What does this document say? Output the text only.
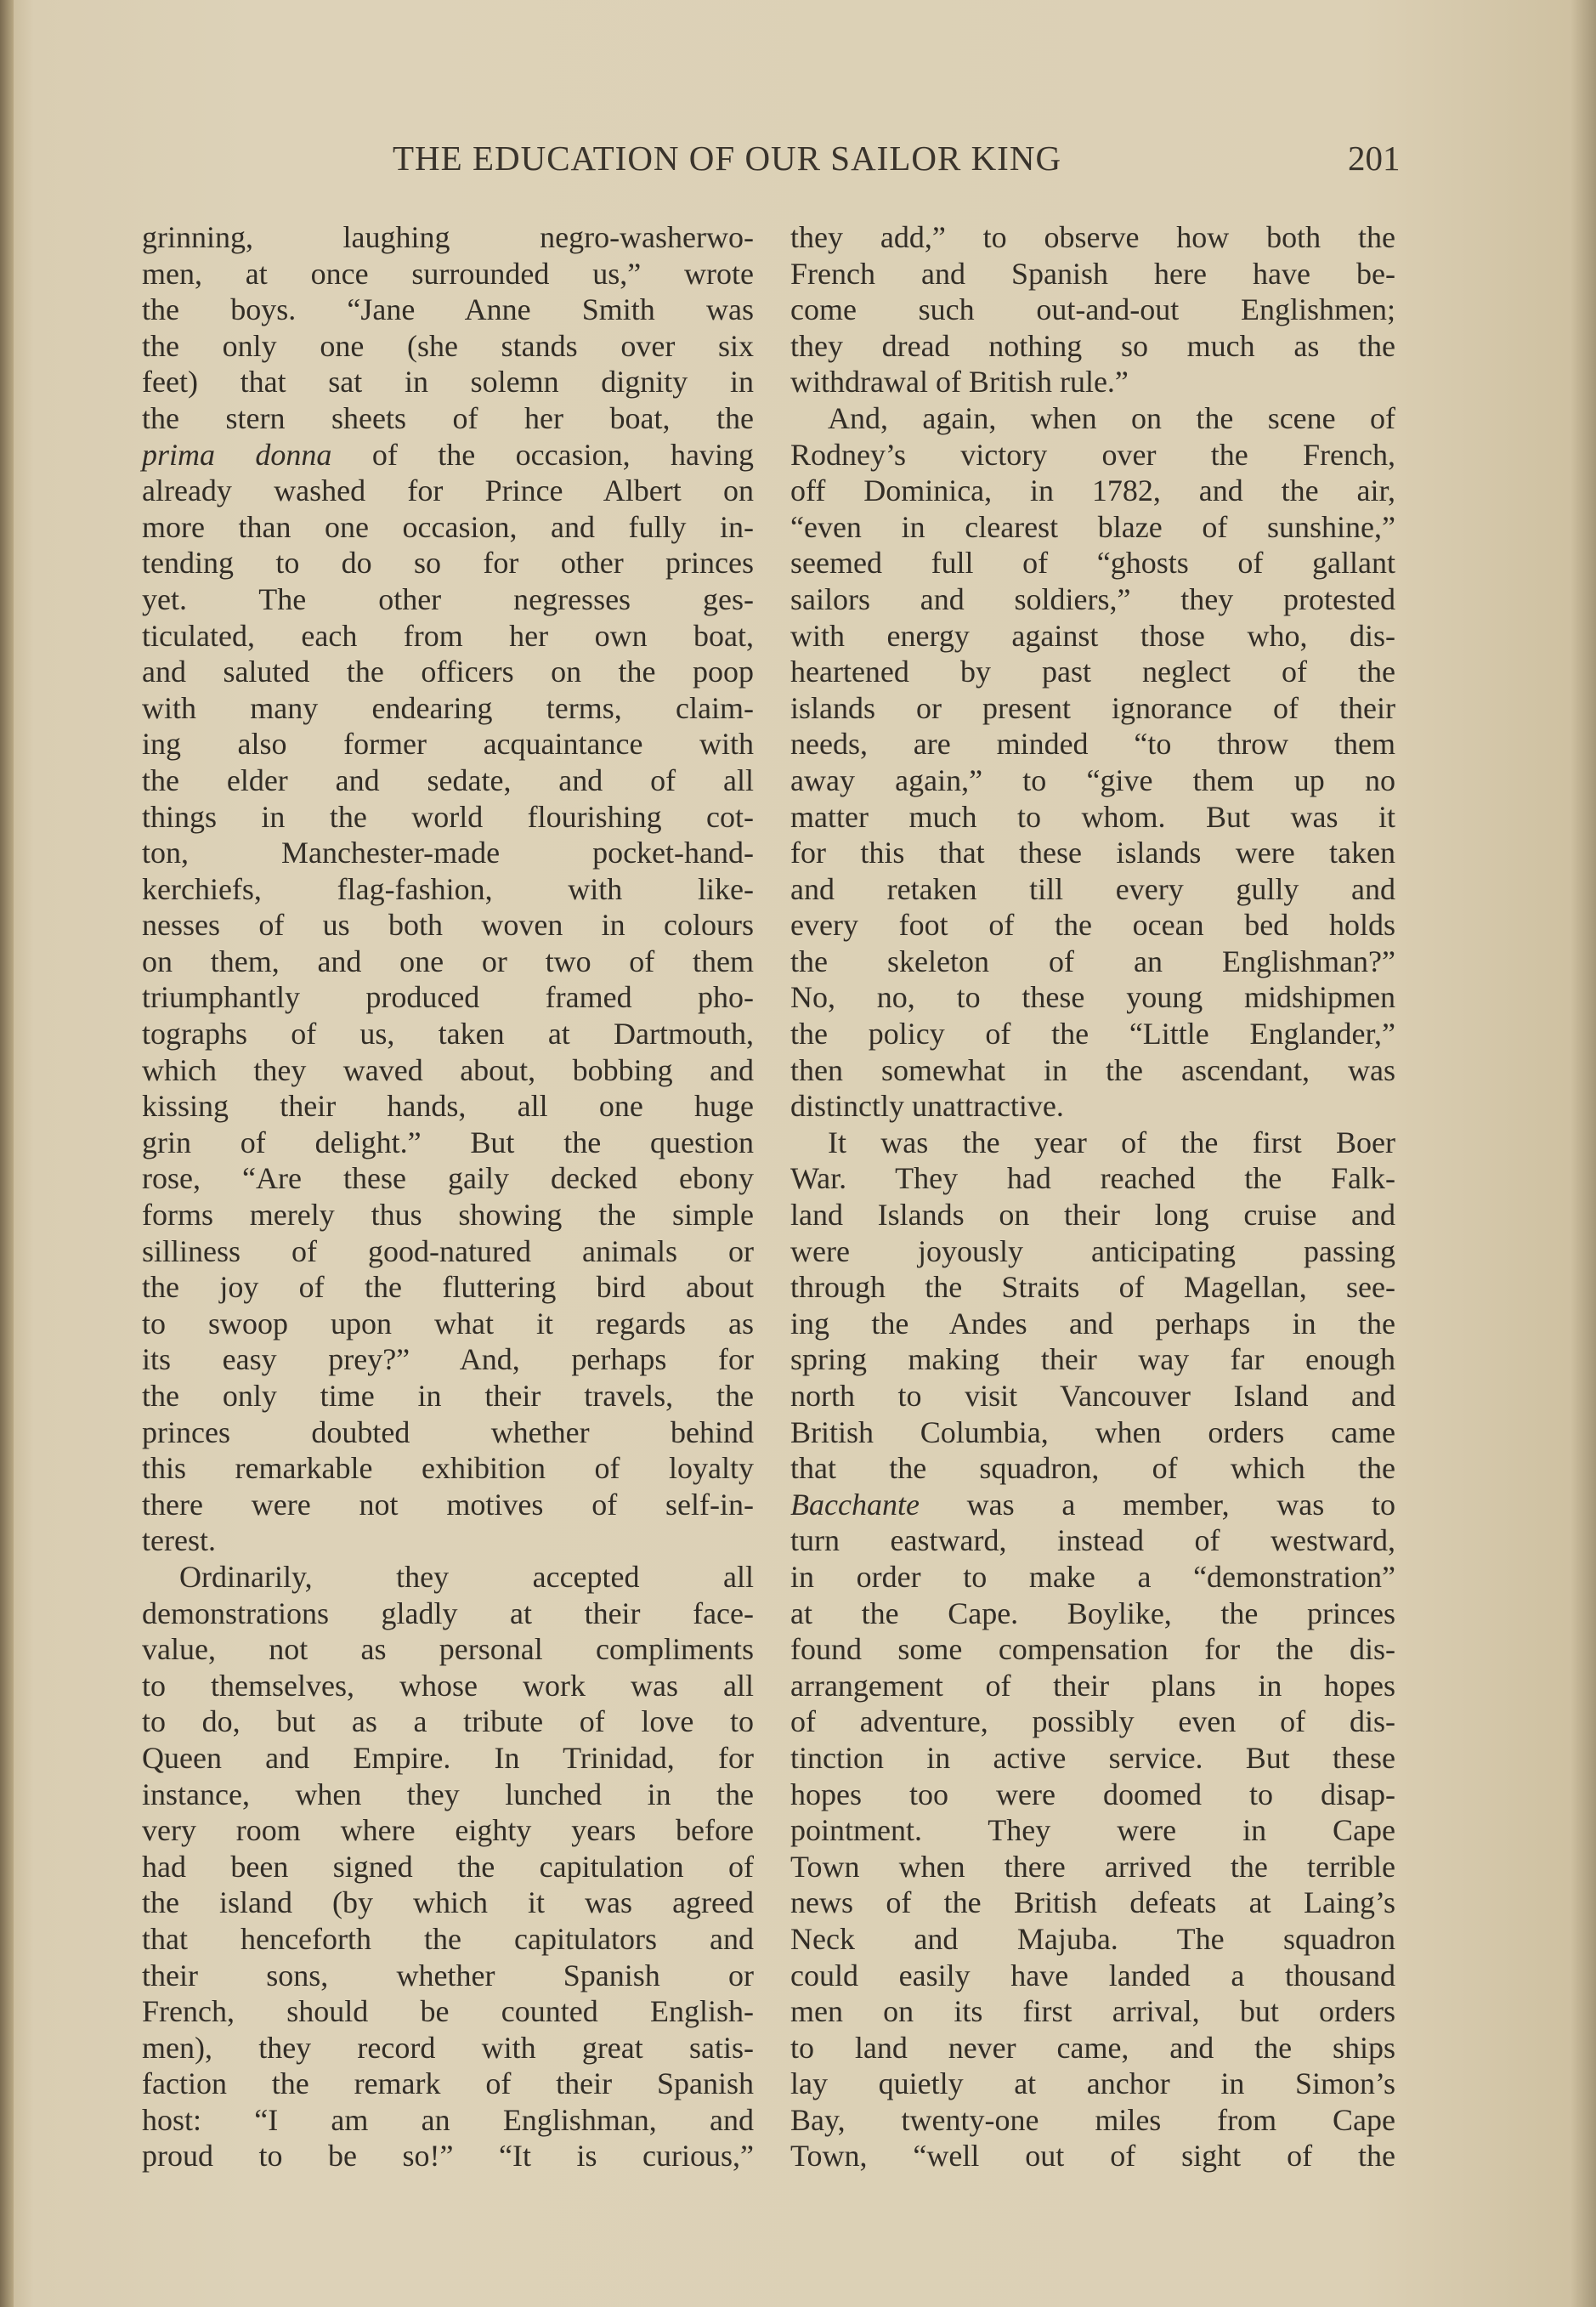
THE EDUCATION OF OUR SAILOR KING	201
grinning, laughing negro-washerwo-
men, at once surrounded us,” wrote
the boys. “Jane Anne Smith was
the only one (she stands over six
feet) that sat in solemn dignity in
the stern sheets of her boat, the
prima donna of the occasion, having
already washed for Prince Albert on
more than one occasion, and fully in-
tending to do so for other princes
yet. The other negresses ges-
ticulated, each from her own boat,
and saluted the officers on the poop
with many endearing terms, claim-
ing also former acquaintance with
the elder and sedate, and of all
things in the world flourishing cot-
ton, Manchester-made pocket-hand-
kerchiefs, flag-fashion, with like-
nesses of us both woven in colours
on them, and one or two of them
triumphantly produced framed pho-
tographs of us, taken at Dartmouth,
which they waved about, bobbing and
kissing their hands, all one huge
grin of delight.” But the question
rose, “Are these gaily decked ebony
forms merely thus showing the simple
silliness of good-natured animals or
the joy of the fluttering bird about
to swoop upon what it regards as
its easy prey?” And, perhaps for
the only time in their travels, the
princes doubted whether behind
this remarkable exhibition of loyalty
there were not motives of self-in-
terest.
Ordinarily, they accepted all
demonstrations gladly at their face-
value, not as personal compliments
to themselves, whose work was all
to do, but as a tribute of love to
Queen and Empire. In Trinidad, for
instance, when they lunched in the
very room where eighty years before
had been signed the capitulation of
the island (by which it was agreed
that henceforth the capitulators and
their sons, whether Spanish or
French, should be counted English-
men), they record with great satis-
faction the remark of their Spanish
host: “I am an Englishman, and
proud to be so!” “It is curious,”
they add,” to observe how both the
French and Spanish here have be-
come such out-and-out Englishmen;
they dread nothing so much as the
withdrawal of British rule.”
And, again, when on the scene of
Rodney’s victory over the French,
off Dominica, in 1782, and the air,
“even in clearest blaze of sunshine,”
seemed full of “ghosts of gallant
sailors and soldiers,” they protested
with energy against those who, dis-
heartened by past neglect of the
islands or present ignorance of their
needs, are minded “to throw them
away again,” to “give them up no
matter much to whom. But was it
for this that these islands were taken
and retaken till every gully and
every foot of the ocean bed holds
the skeleton of an Englishman?”
No, no, to these young midshipmen
the policy of the “Little Englander,”
then somewhat in the ascendant, was
distinctly unattractive.
It was the year of the first Boer
War. They had reached the Falk-
land Islands on their long cruise and
were joyously anticipating passing
through the Straits of Magellan, see-
ing the Andes and perhaps in the
spring making their way far enough
north to visit Vancouver Island and
British Columbia, when orders came
that the squadron, of which the
Bacchante was a member, was to
turn eastward, instead of westward,
in order to make a “demonstration”
at the Cape. Boylike, the princes
found some compensation for the dis-
arrangement of their plans in hopes
of adventure, possibly even of dis-
tinction in active service. But these
hopes too were doomed to disap-
pointment. They were in Cape
Town when there arrived the terrible
news of the British defeats at Laing’s
Neck and Majuba. The squadron
could easily have landed a thousand
men on its first arrival, but orders
to land never came, and the ships
lay quietly at anchor in Simon’s
Bay, twenty-one miles from Cape
Town, “well out of sight of the
